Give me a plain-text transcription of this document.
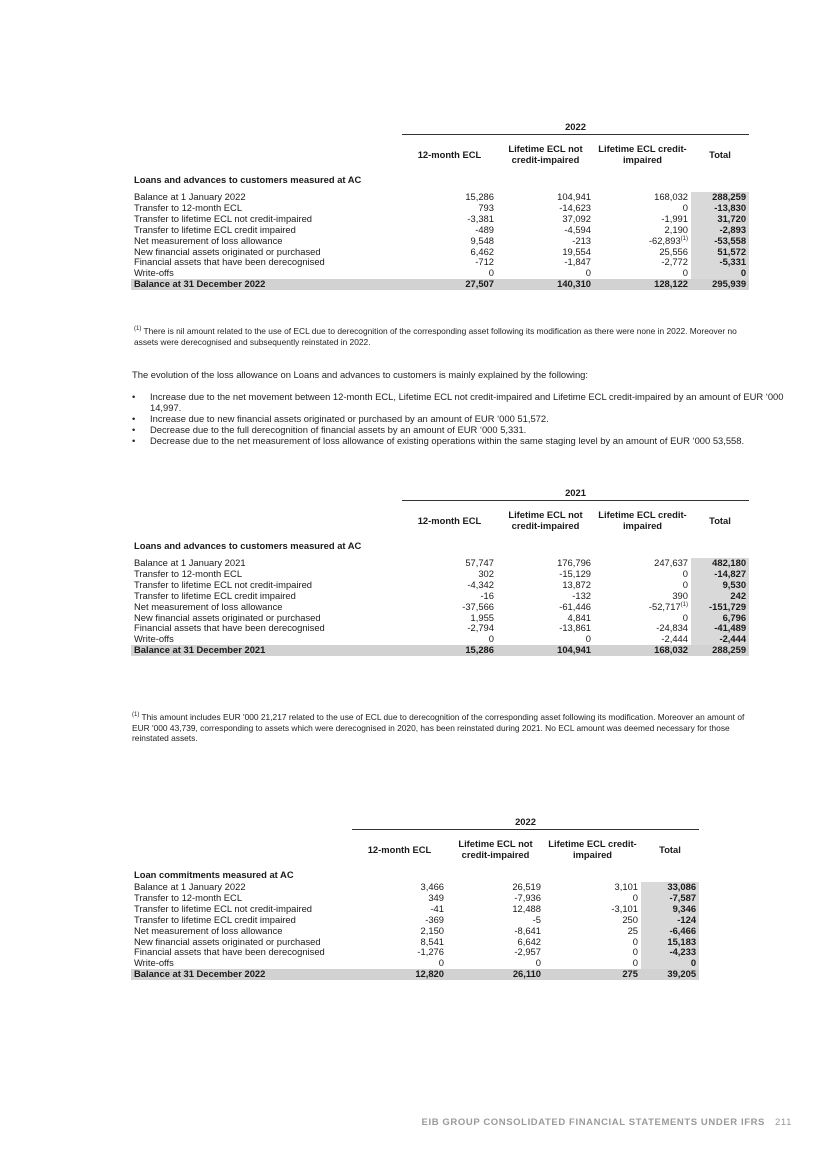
	2022			
	12-month ECL	Lifetime ECL not credit-impaired	Lifetime ECL credit-impaired	Total
Loans and advances to customers measured at AC				

Balance at 1 January 2022	15,286	104,941	168,032	288,259
Transfer to 12-month ECL	793	-14,623	0	-13,830
Transfer to lifetime ECL not credit-impaired	-3,381	37,092	-1,991	31,720
Transfer to lifetime ECL credit impaired	-489	-4,594	2,190	-2,893
Net measurement of loss allowance	9,548	-213	-62,893$^{(1)}$	-53,558
New financial assets originated or purchased	6,462	19,554	25,556	51,572
Financial assets that have been derecognised	-712	-1,847	-2,772	-5,331
Write-offs	0	0	0	0
Balance at 31 December 2022	27,507	140,310	128,122	295,939
$^{(1)}$ There is nil amount related to the use of ECL due to derecognition of the corresponding asset following its modification as there were none in 2022. Moreover no assets were derecognised and subsequently reinstated in 2022.
The evolution of the loss allowance on Loans and advances to customers is mainly explained by the following:
• Increase due to the net movement between 12-month ECL, Lifetime ECL not credit-impaired and Lifetime ECL credit-impaired by an amount of EUR ‘000 14,997.
• Increase due to new financial assets originated or purchased by an amount of EUR ‘000 51,572.
• Decrease due to the full derecognition of financial assets by an amount of EUR ‘000 5,331.
• Decrease due to the net measurement of loss allowance of existing operations within the same staging level by an amount of EUR ‘000 53,558.
	2021			
	12-month ECL	Lifetime ECL not credit-impaired	Lifetime ECL credit-impaired	Total
Loans and advances to customers measured at AC				

Balance at 1 January 2021	57,747	176,796	247,637	482,180
Transfer to 12-month ECL	302	-15,129	0	-14,827
Transfer to lifetime ECL not credit-impaired	-4,342	13,872	0	9,530
Transfer to lifetime ECL credit impaired	-16	-132	390	242
Net measurement of loss allowance	-37,566	-61,446	-52,717$^{(1)}$	-151,729
New financial assets originated or purchased	1,955	4,841	0	6,796
Financial assets that have been derecognised	-2,794	-13,861	-24,834	-41,489
Write-offs	0	0	-2,444	-2,444
Balance at 31 December 2021	15,286	104,941	168,032	288,259
$^{(1)}$ This amount includes EUR '000 21,217 related to the use of ECL due to derecognition of the corresponding asset following its modification. Moreover an amount of EUR '000 43,739, corresponding to assets which were derecognised in 2020, has been reinstated during 2021. No ECL amount was deemed necessary for those reinstated assets.
	2022			
	12-month ECL	Lifetime ECL not credit-impaired	Lifetime ECL credit-impaired	Total
Loan commitments measured at AC				
Balance at 1 January 2022	3,466	26,519	3,101	33,086
Transfer to 12-month ECL	349	-7,936	0	-7,587
Transfer to lifetime ECL not credit-impaired	-41	12,488	-3,101	9,346
Transfer to lifetime ECL credit impaired	-369	-5	250	-124
Net measurement of loss allowance	2,150	-8,641	25	-6,466
New financial assets originated or purchased	8,541	6,642	0	15,183
Financial assets that have been derecognised	-1,276	-2,957	0	-4,233
Write-offs	0	0	0	0
Balance at 31 December 2022	12,820	26,110	275	39,205
EIB GROUP CONSOLIDATED FINANCIAL STATEMENTS UNDER IFRS 211
